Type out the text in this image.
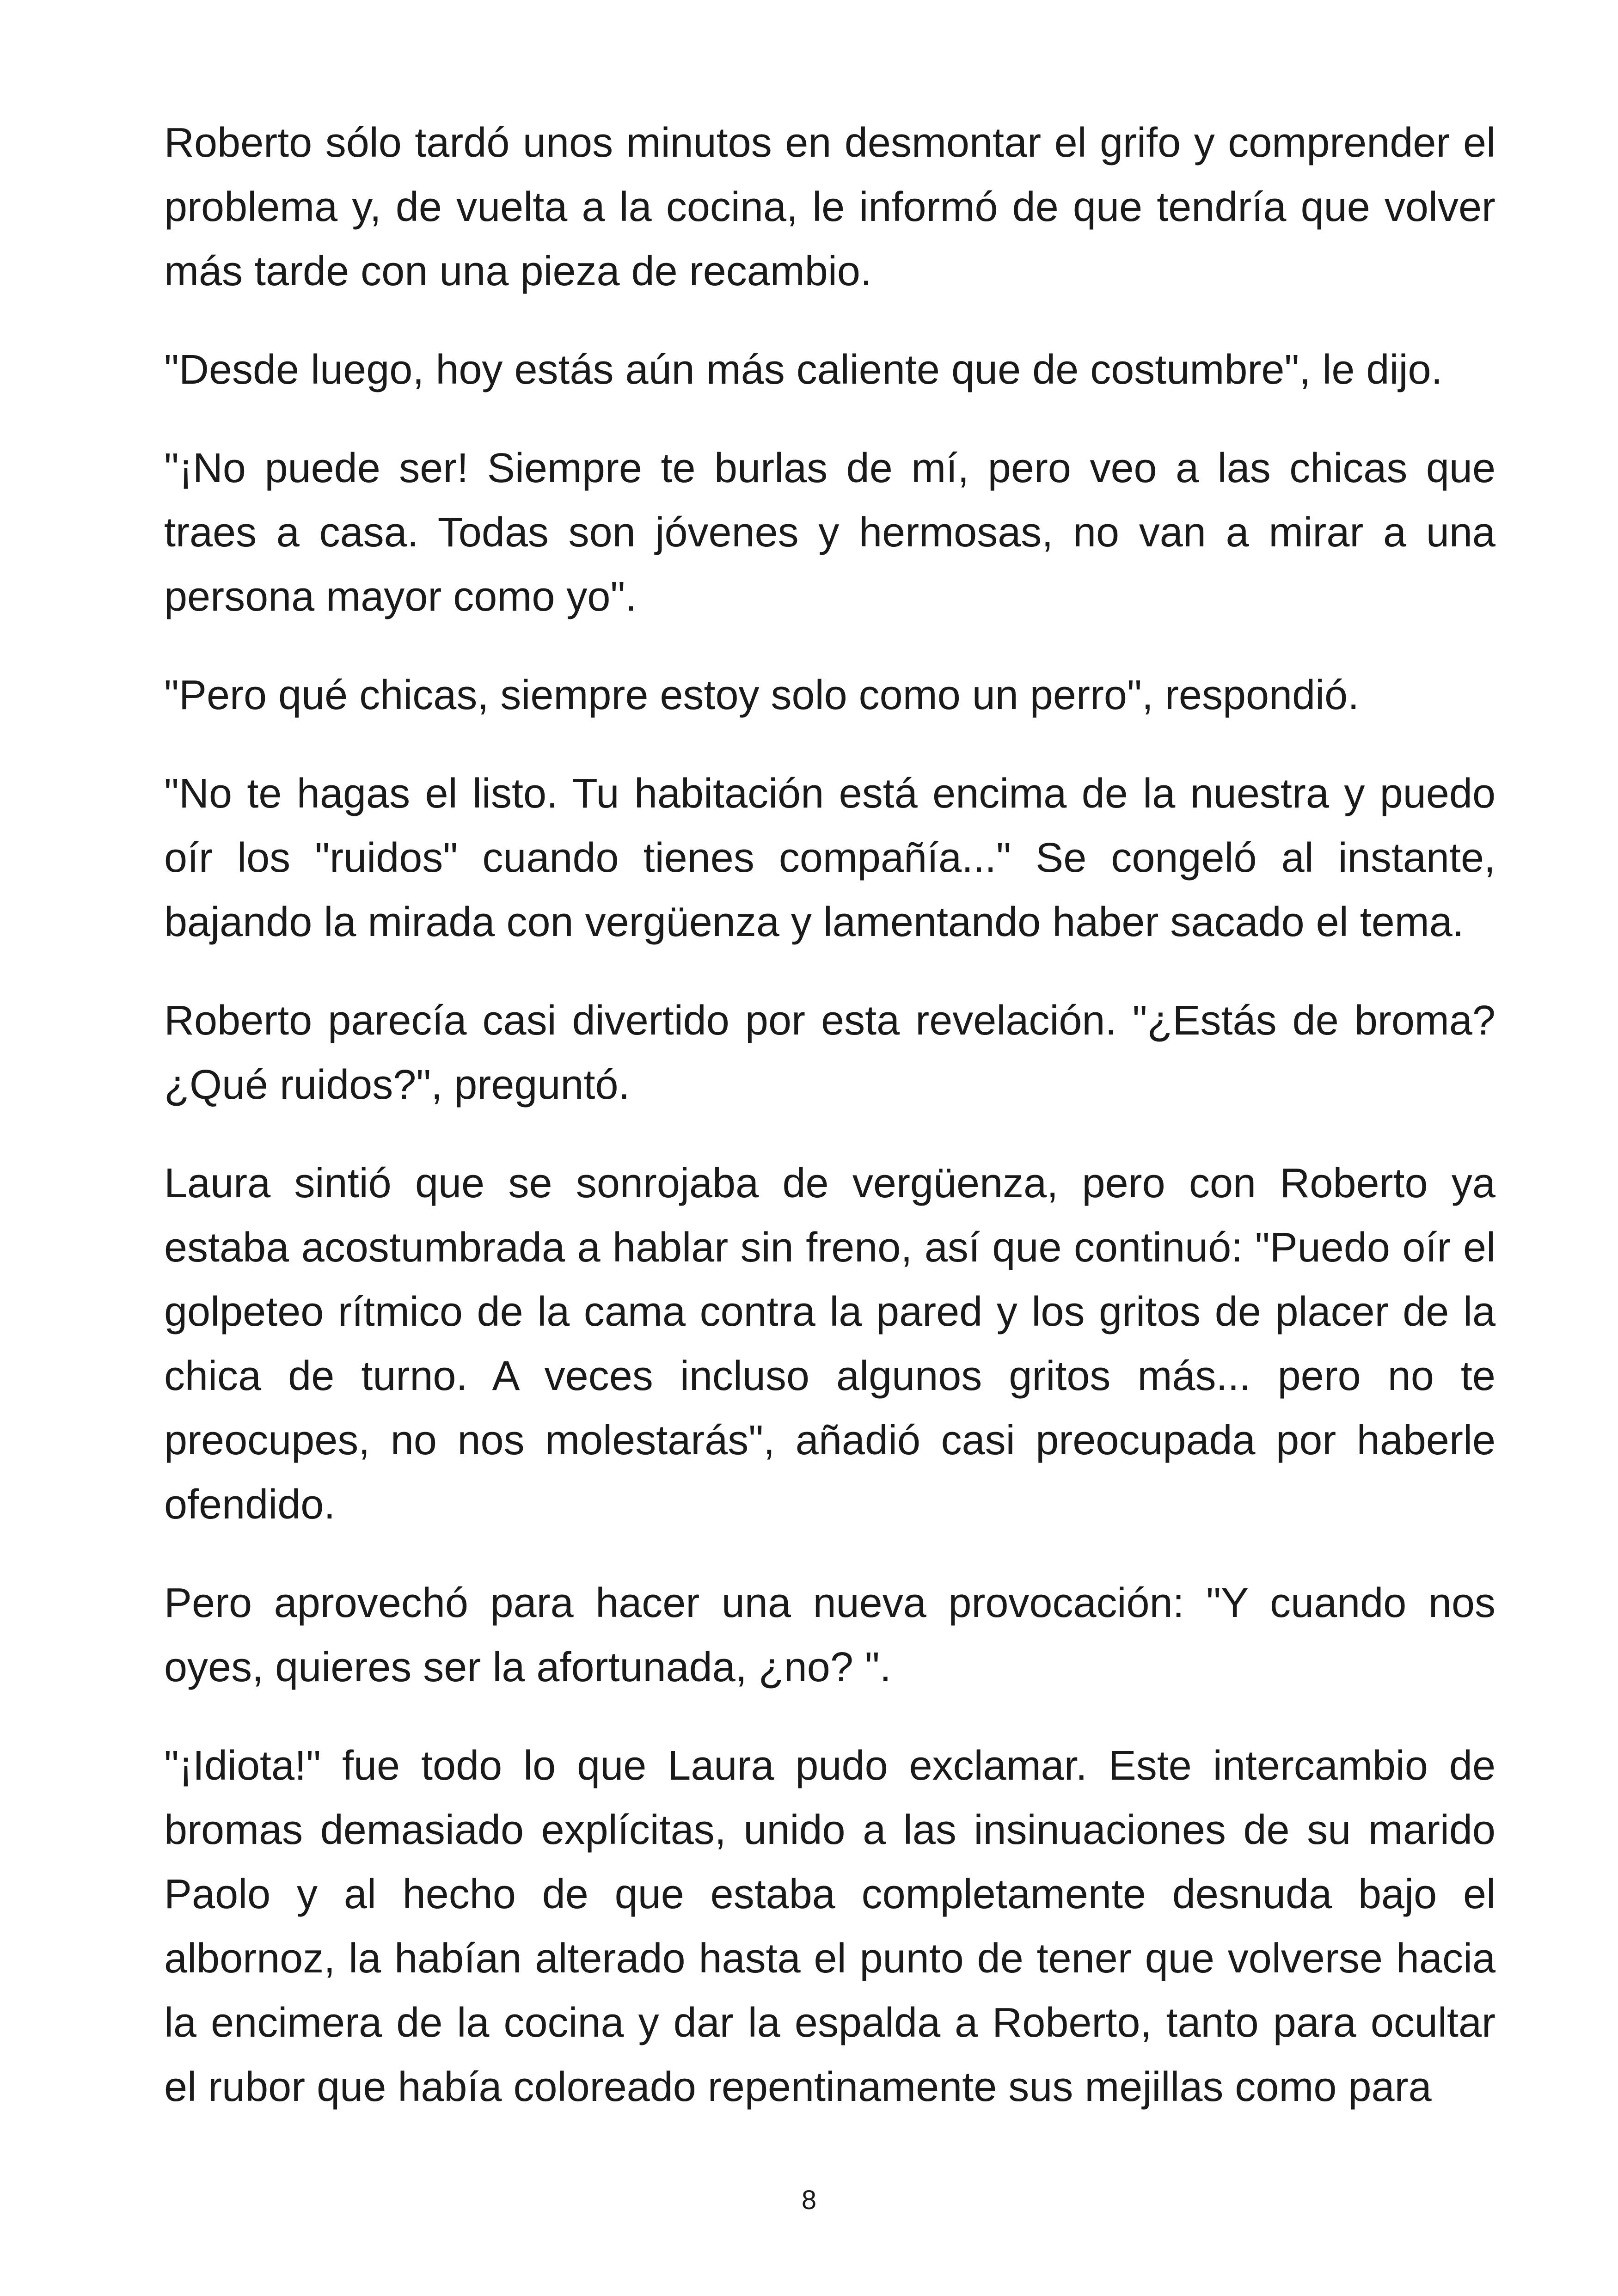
Roberto sólo tardó unos minutos en desmontar el grifo y comprender el problema y, de vuelta a la cocina, le informó de que tendría que volver más tarde con una pieza de recambio.

"Desde luego, hoy estás aún más caliente que de costumbre", le dijo.

"¡No puede ser! Siempre te burlas de mí, pero veo a las chicas que traes a casa. Todas son jóvenes y hermosas, no van a mirar a una persona mayor como yo".

"Pero qué chicas, siempre estoy solo como un perro", respondió.

"No te hagas el listo. Tu habitación está encima de la nuestra y puedo oír los "ruidos" cuando tienes compañía..." Se congeló al instante, bajando la mirada con vergüenza y lamentando haber sacado el tema.

Roberto parecía casi divertido por esta revelación. "¿Estás de broma? ¿Qué ruidos?", preguntó.

Laura sintió que se sonrojaba de vergüenza, pero con Roberto ya estaba acostumbrada a hablar sin freno, así que continuó: "Puedo oír el golpeteo rítmico de la cama contra la pared y los gritos de placer de la chica de turno. A veces incluso algunos gritos más... pero no te preocupes, no nos molestarás", añadió casi preocupada por haberle ofendido.

Pero aprovechó para hacer una nueva provocación: "Y cuando nos oyes, quieres ser la afortunada, ¿no? ".

"¡Idiota!" fue todo lo que Laura pudo exclamar. Este intercambio de bromas demasiado explícitas, unido a las insinuaciones de su marido Paolo y al hecho de que estaba completamente desnuda bajo el albornoz, la habían alterado hasta el punto de tener que volverse hacia la encimera de la cocina y dar la espalda a Roberto, tanto para ocultar el rubor que había coloreado repentinamente sus mejillas como para

8
